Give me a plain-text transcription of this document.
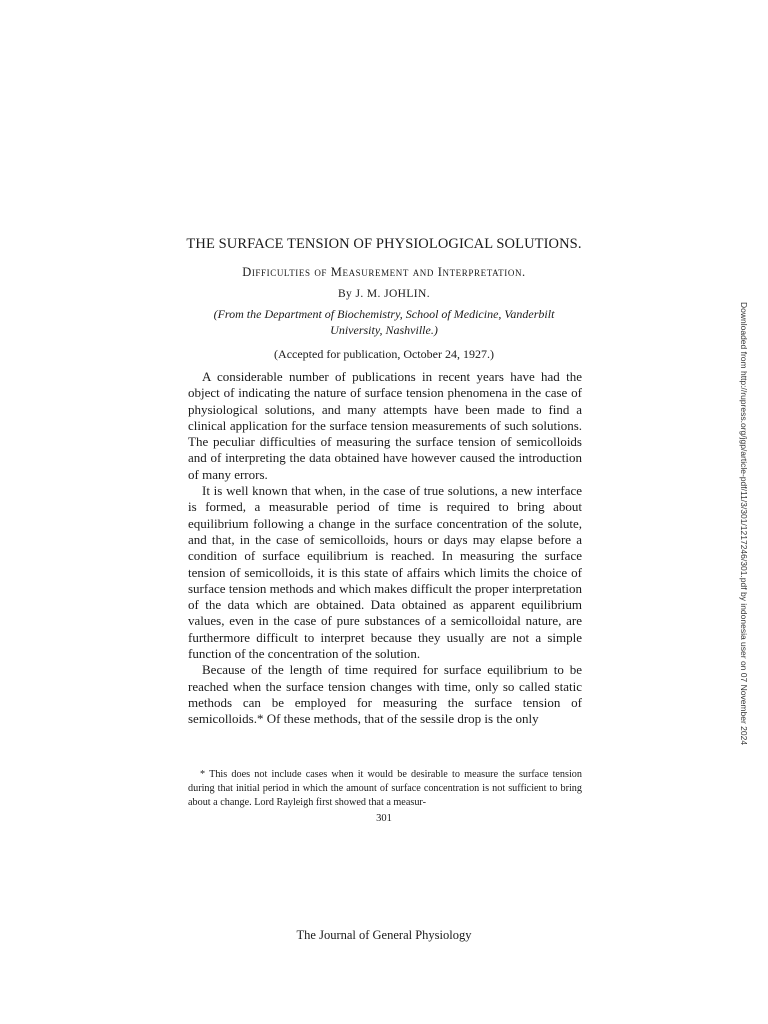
THE SURFACE TENSION OF PHYSIOLOGICAL SOLUTIONS.
Difficulties of Measurement and Interpretation.
By J. M. JOHLIN.
(From the Department of Biochemistry, School of Medicine, Vanderbilt University, Nashville.)
(Accepted for publication, October 24, 1927.)

A considerable number of publications in recent years have had the object of indicating the nature of surface tension phenomena in the case of physiological solutions, and many attempts have been made to find a clinical application for the surface tension measurements of such solutions. The peculiar difficulties of measuring the surface tension of semicolloids and of interpreting the data obtained have however caused the introduction of many errors.

It is well known that when, in the case of true solutions, a new interface is formed, a measurable period of time is required to bring about equilibrium following a change in the surface concentration of the solute, and that, in the case of semicolloids, hours or days may elapse before a condition of surface equilibrium is reached. In measuring the surface tension of semicolloids, it is this state of affairs which limits the choice of surface tension methods and which makes difficult the proper interpretation of the data which are obtained. Data obtained as apparent equilibrium values, even in the case of pure substances of a semicolloidal nature, are furthermore difficult to interpret because they usually are not a simple function of the concentration of the solution.

Because of the length of time required for surface equilibrium to be reached when the surface tension changes with time, only so called static methods can be employed for measuring the surface tension of semicolloids.* Of these methods, that of the sessile drop is the only

* This does not include cases when it would be desirable to measure the surface tension during that initial period in which the amount of surface concentration is not sufficient to bring about a change. Lord Rayleigh first showed that a measur-
301
The Journal of General Physiology
Downloaded from http://rupress.org/jgp/article-pdf/11/3/301/1217246/301.pdf by indonesia user on 07 November 2024
